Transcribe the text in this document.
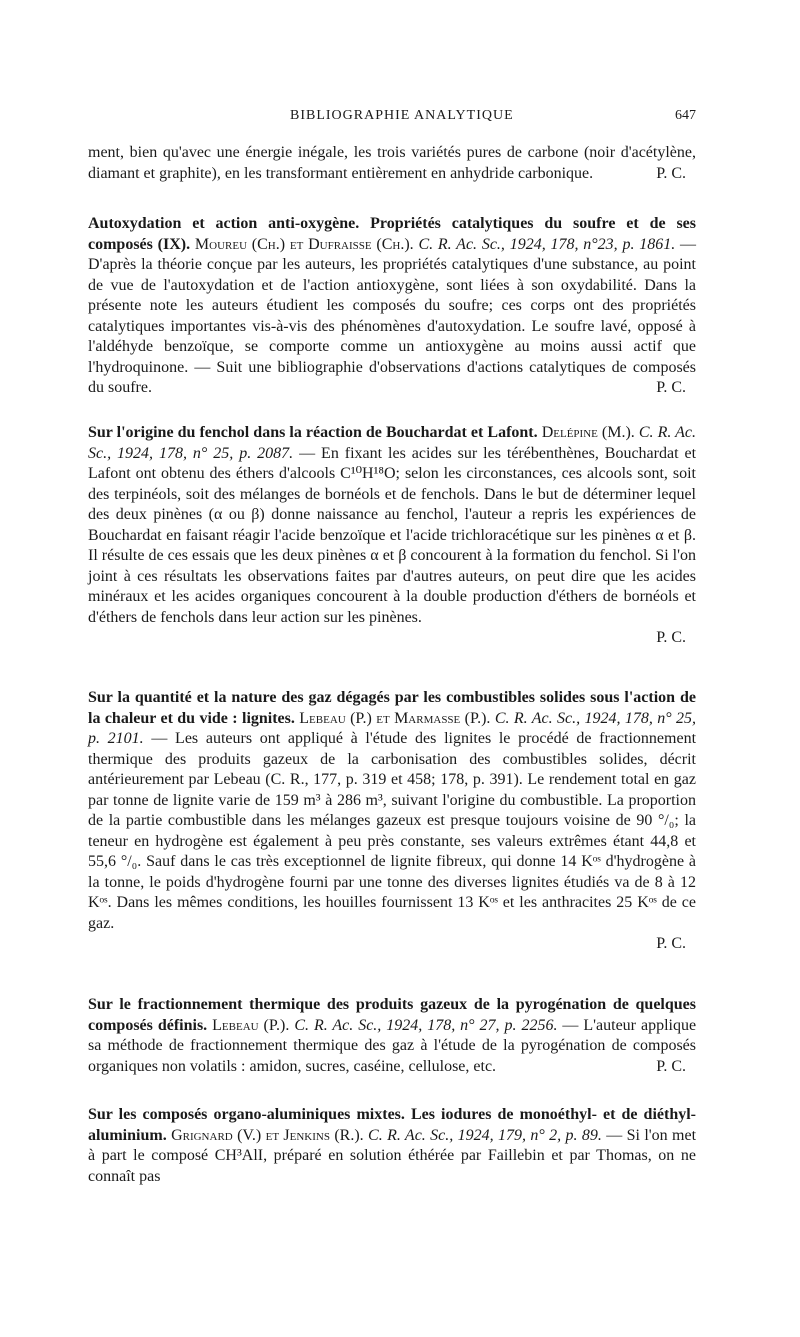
BIBLIOGRAPHIE ANALYTIQUE	647
ment, bien qu'avec une énergie inégale, les trois variétés pures de carbone (noir d'acétylène, diamant et graphite), en les transformant entièrement en anhydride carbonique.	P. C.
Autoxydation et action anti-oxygène. Propriétés catalytiques du soufre et de ses composés (IX). Moureu (Ch.) et Dufraisse (Ch.). C. R. Ac. Sc., 1924, 178, n°23, p. 1861. — D'après la théorie conçue par les auteurs, les propriétés catalytiques d'une substance, au point de vue de l'autoxydation et de l'action antioxygène, sont liées à son oxydabilité. Dans la présente note les auteurs étudient les composés du soufre; ces corps ont des propriétés catalytiques importantes vis-à-vis des phénomènes d'autoxydation. Le soufre lavé, opposé à l'aldéhyde benzoïque, se comporte comme un antioxygène au moins aussi actif que l'hydroquinone. — Suit une bibliographie d'observations d'actions catalytiques de composés du soufre.	P. C.
Sur l'origine du fenchol dans la réaction de Bouchardat et Lafont. Delépine (M.). C. R. Ac. Sc., 1924, 178, n° 25, p. 2087. — En fixant les acides sur les térébenthènes, Bouchardat et Lafont ont obtenu des éthers d'alcools C¹⁰H¹⁸O; selon les circonstances, ces alcools sont, soit des terpinéols, soit des mélanges de bornéols et de fenchols. Dans le but de déterminer lequel des deux pinènes (α ou β) donne naissance au fenchol, l'auteur a repris les expériences de Bouchardat en faisant réagir l'acide benzoïque et l'acide trichloracétique sur les pinènes α et β. Il résulte de ces essais que les deux pinènes α et β concourent à la formation du fenchol. Si l'on joint à ces résultats les observations faites par d'autres auteurs, on peut dire que les acides minéraux et les acides organiques concourent à la double production d'éthers de bornéols et d'éthers de fenchols dans leur action sur les pinènes.
P. C.
Sur la quantité et la nature des gaz dégagés par les combustibles solides sous l'action de la chaleur et du vide : lignites. Lebeau (P.) et Marmasse (P.). C. R. Ac. Sc., 1924, 178, n° 25, p. 2101. — Les auteurs ont appliqué à l'étude des lignites le procédé de fractionnement thermique des produits gazeux de la carbonisation des combustibles solides, décrit antérieurement par Lebeau (C. R., 177, p. 319 et 458; 178, p. 391). Le rendement total en gaz par tonne de lignite varie de 159 m³ à 286 m³, suivant l'origine du combustible. La proportion de la partie combustible dans les mélanges gazeux est presque toujours voisine de 90 °/₀; la teneur en hydrogène est également à peu près constante, ses valeurs extrêmes étant 44,8 et 55,6 °/₀. Sauf dans le cas très exceptionnel de lignite fibreux, qui donne 14 Kᵒˢ d'hydrogène à la tonne, le poids d'hydrogène fourni par une tonne des diverses lignites étudiés va de 8 à 12 Kᵒˢ. Dans les mêmes conditions, les houilles fournissent 13 Kᵒˢ et les anthracites 25 Kᵒˢ de ce gaz.
P. C.
Sur le fractionnement thermique des produits gazeux de la pyrogénation de quelques composés définis. Lebeau (P.). C. R. Ac. Sc., 1924, 178, n° 27, p. 2256. — L'auteur applique sa méthode de fractionnement thermique des gaz à l'étude de la pyrogénation de composés organiques non volatils : amidon, sucres, caséine, cellulose, etc.	P. C.
Sur les composés organo-aluminiques mixtes. Les iodures de monoéthyl- et de diéthyl-aluminium. Grignard (V.) et Jenkins (R.). C. R. Ac. Sc., 1924, 179, n° 2, p. 89. — Si l'on met à part le composé CH³AlI, préparé en solution éthérée par Faillebin et par Thomas, on ne connaît pas
